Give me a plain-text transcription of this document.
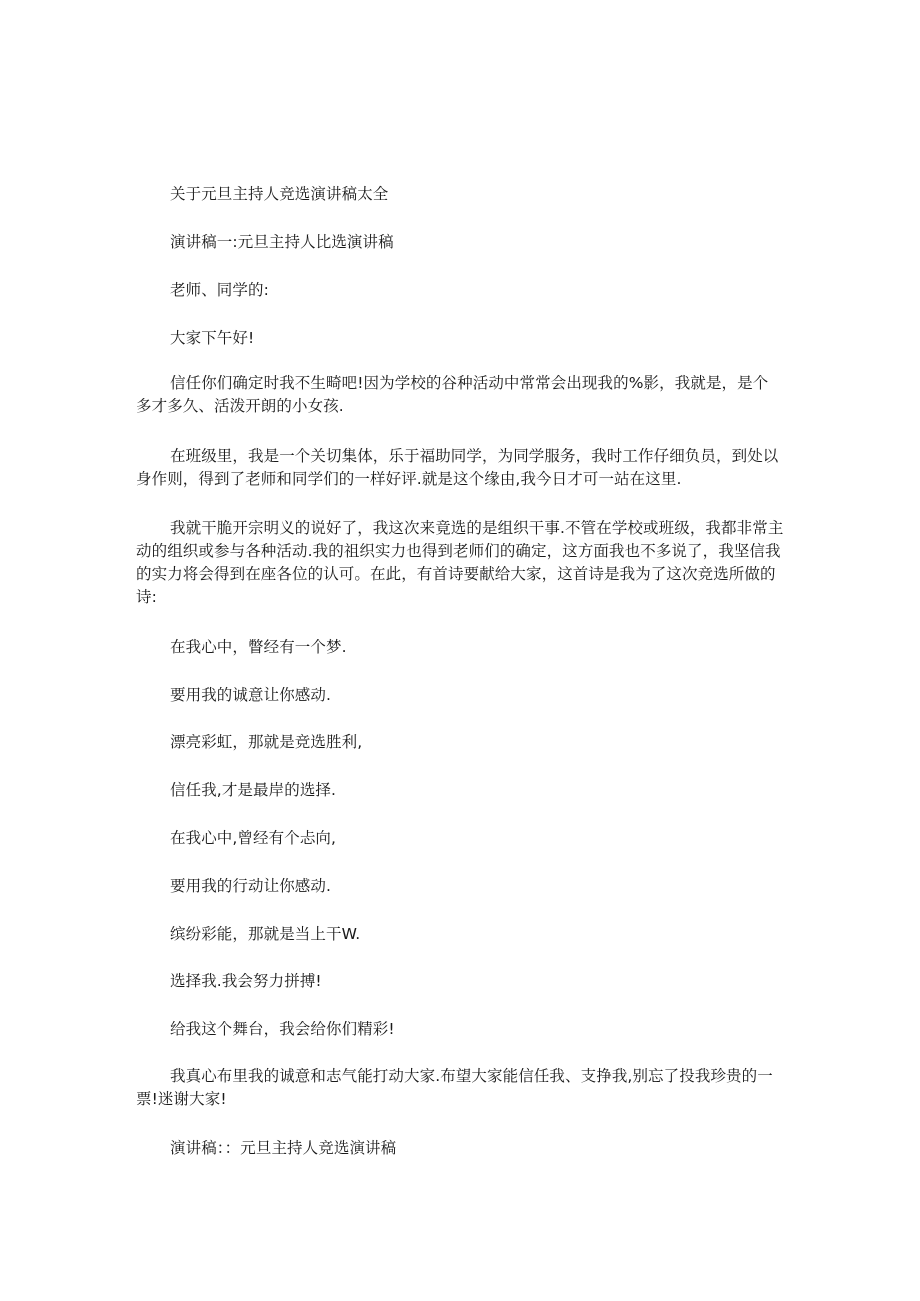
关于元旦主持人竞选演讲稿太全
演讲稿一:元旦主持人比选演讲稿
老师、同学的:
大家下午好!
信任你们确定时我不生畸吧!因为学校的谷种活动中常常会出现我的%影，我就是，是个
多才多久、活泼开朗的小女孩.
在班级里，我是一个关切集体，乐于福助同学，为同学服务，我时工作仔细负员，到处以
身作则，得到了老师和同学们的一样好评.就是这个缘由,我今日才可一站在这里.
我就干脆开宗明义的说好了，我这次来竟选的是组织干事.不管在学校或班级，我都非常主
动的组织或参与各种活动.我的祖织实力也得到老师们的确定，这方面我也不多说了，我坚信我
的实力将会得到在座各位的认可。在此，有首诗要献给大家，这首诗是我为了这次竞选所做的
诗:
在我心中，瞥经有一个梦.
要用我的诚意让你感动.
漂亮彩虹，那就是竞选胜利,
信任我,才是最岸的选择.
在我心中,曾经有个忐向,
要用我的行动让你感动.
缤纷彩能，那就是当上干W.
选择我.我会努力拼搏!
给我这个舞台，我会给你们精彩!
我真心布里我的诚意和志气能打动大家.布望大家能信任我、支挣我,别忘了投我珍贵的一
票!迷谢大家!
演讲稿：：元旦主持人竞选演讲稿
